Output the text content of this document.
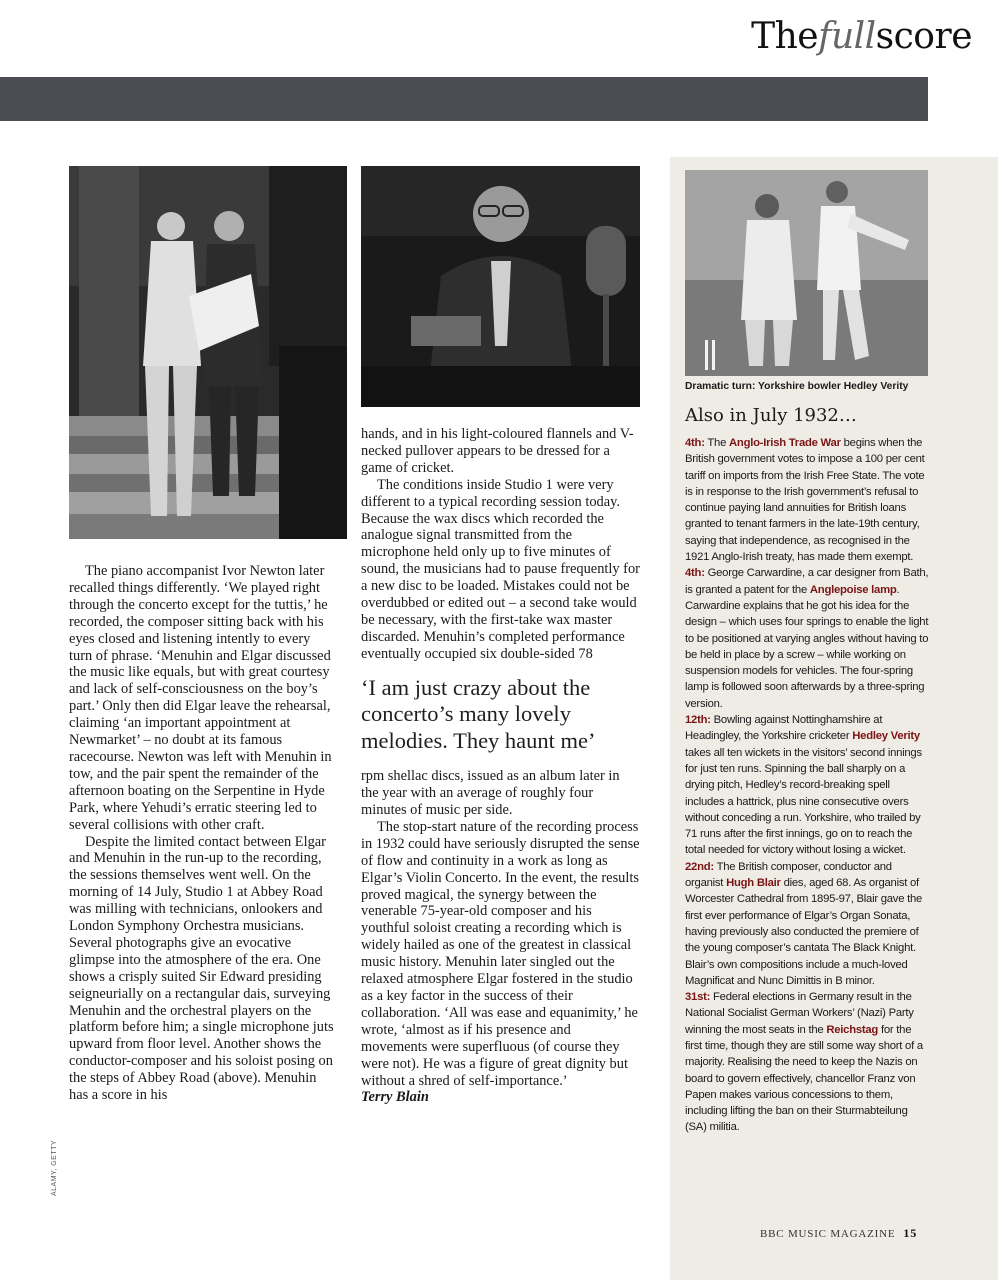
Thefullscore

The piano accompanist Ivor Newton later recalled things differently. ‘We played right through the concerto except for the tuttis,’ he recorded, the composer sitting back with his eyes closed and listening intently to every turn of phrase. ‘Menuhin and Elgar discussed the music like equals, but with great courtesy and lack of self-consciousness on the boy’s part.’ Only then did Elgar leave the rehearsal, claiming ‘an important appointment at Newmarket’ – no doubt at its famous racecourse. Newton was left with Menuhin in tow, and the pair spent the remainder of the afternoon boating on the Serpentine in Hyde Park, where Yehudi’s erratic steering led to several collisions with other craft.

Despite the limited contact between Elgar and Menuhin in the run-up to the recording, the sessions themselves went well. On the morning of 14 July, Studio 1 at Abbey Road was milling with technicians, onlookers and London Symphony Orchestra musicians. Several photographs give an evocative glimpse into the atmosphere of the era. One shows a crisply suited Sir Edward presiding seigneurially on a rectangular dais, surveying Menuhin and the orchestral players on the platform before him; a single microphone juts upward from floor level. Another shows the conductor-composer and his soloist posing on the steps of Abbey Road (above). Menuhin has a score in his

hands, and in his light-coloured flannels and V-necked pullover appears to be dressed for a game of cricket.

The conditions inside Studio 1 were very different to a typical recording session today. Because the wax discs which recorded the analogue signal transmitted from the microphone held only up to five minutes of sound, the musicians had to pause frequently for a new disc to be loaded. Mistakes could not be overdubbed or edited out – a second take would be necessary, with the first-take wax master discarded. Menuhin’s completed performance eventually occupied six double-sided 78

‘I am just crazy about the concerto’s many lovely melodies. They haunt me’

rpm shellac discs, issued as an album later in the year with an average of roughly four minutes of music per side.

The stop-start nature of the recording process in 1932 could have seriously disrupted the sense of flow and continuity in a work as long as Elgar’s Violin Concerto. In the event, the results proved magical, the synergy between the venerable 75-year-old composer and his youthful soloist creating a recording which is widely hailed as one of the greatest in classical music history. Menuhin later singled out the relaxed atmosphere Elgar fostered in the studio as a key factor in the success of their collaboration. ‘All was ease and equanimity,’ he wrote, ‘almost as if his presence and movements were superfluous (of course they were not). He was a figure of great dignity but without a shred of self-importance.’

Terry Blain
ALAMY, GETTY
Dramatic turn: Yorkshire bowler Hedley Verity
Also in July 1932…

4th: The Anglo-Irish Trade War begins when the British government votes to impose a 100 per cent tariff on imports from the Irish Free State. The vote is in response to the Irish government’s refusal to continue paying land annuities for British loans granted to tenant farmers in the late-19th century, saying that independence, as recognised in the 1921 Anglo-Irish treaty, has made them exempt.

4th: George Carwardine, a car designer from Bath, is granted a patent for the Anglepoise lamp. Carwardine explains that he got his idea for the design – which uses four springs to enable the light to be positioned at varying angles without having to be held in place by a screw – while working on suspension models for vehicles. The four-spring lamp is followed soon afterwards by a three-spring version.

12th: Bowling against Nottinghamshire at Headingley, the Yorkshire cricketer Hedley Verity takes all ten wickets in the visitors’ second innings for just ten runs. Spinning the ball sharply on a drying pitch, Hedley’s record-breaking spell includes a hattrick, plus nine consecutive overs without conceding a run. Yorkshire, who trailed by 71 runs after the first innings, go on to reach the total needed for victory without losing a wicket.

22nd: The British composer, conductor and organist Hugh Blair dies, aged 68. As organist of Worcester Cathedral from 1895-97, Blair gave the first ever performance of Elgar’s Organ Sonata, having previously also conducted the premiere of the young composer’s cantata The Black Knight. Blair’s own compositions include a much-loved Magnificat and Nunc Dimittis in B minor.

31st: Federal elections in Germany result in the National Socialist German Workers’ (Nazi) Party winning the most seats in the Reichstag for the first time, though they are still some way short of a majority. Realising the need to keep the Nazis on board to govern effectively, chancellor Franz von Papen makes various concessions to them, including lifting the ban on their Sturmabteilung (SA) militia.

BBC MUSIC MAGAZINE 15
